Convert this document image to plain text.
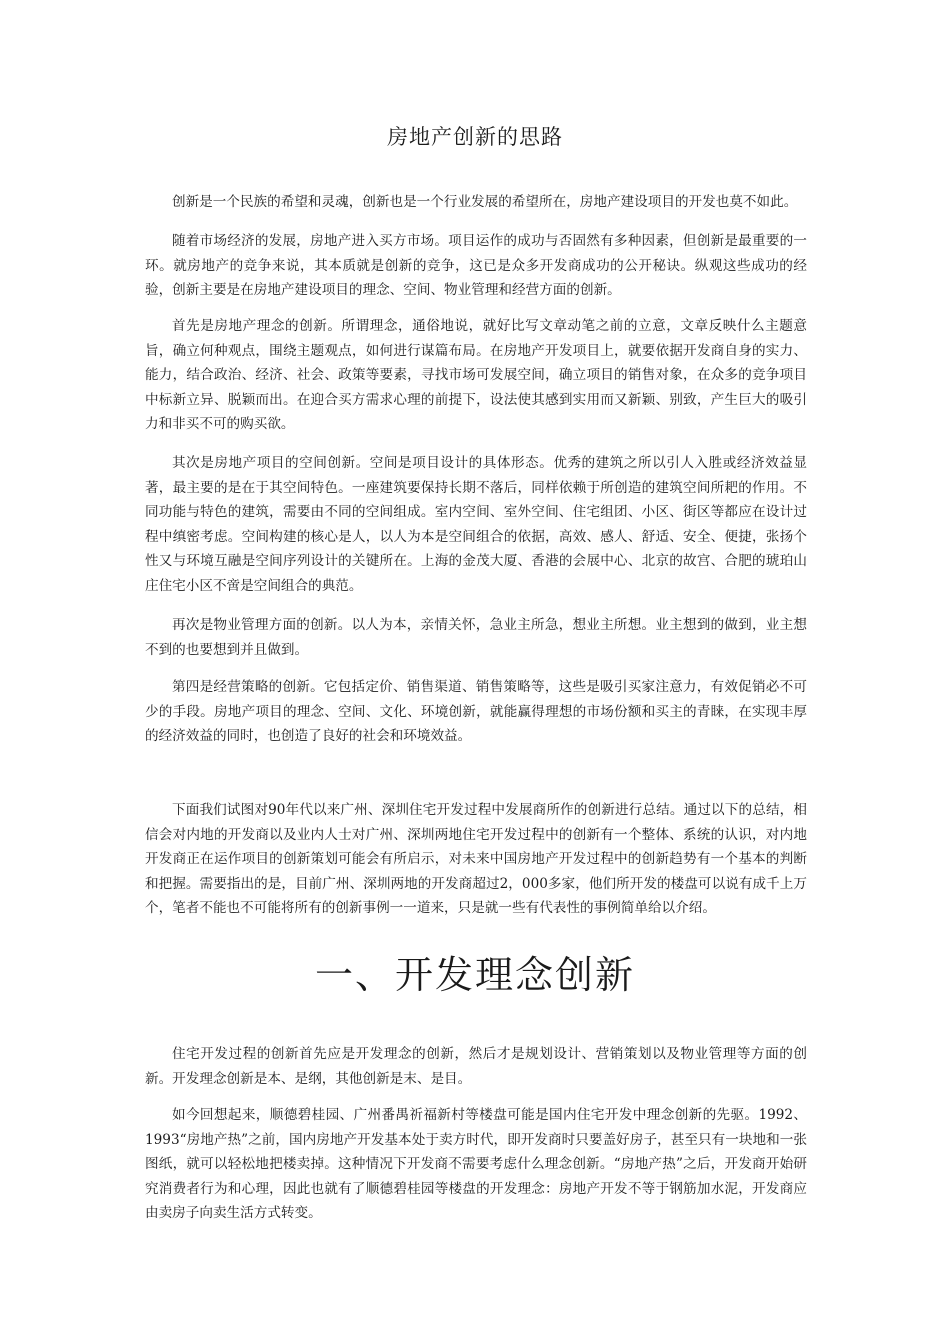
房地产创新的思路

创新是一个民族的希望和灵魂，创新也是一个行业发展的希望所在，房地产建设项目的开发也莫不如此。

随着市场经济的发展，房地产进入买方市场。项目运作的成功与否固然有多种因素，但创新是最重要的一环。就房地产的竞争来说，其本质就是创新的竞争，这已是众多开发商成功的公开秘诀。纵观这些成功的经验，创新主要是在房地产建设项目的理念、空间、物业管理和经营方面的创新。

首先是房地产理念的创新。所谓理念，通俗地说，就好比写文章动笔之前的立意，文章反映什么主题意旨，确立何种观点，围绕主题观点，如何进行谋篇布局。在房地产开发项目上，就要依据开发商自身的实力、能力，结合政治、经济、社会、政策等要素，寻找市场可发展空间，确立项目的销售对象，在众多的竞争项目中标新立异、脱颖而出。在迎合买方需求心理的前提下，设法使其感到实用而又新颖、别致，产生巨大的吸引力和非买不可的购买欲。

其次是房地产项目的空间创新。空间是项目设计的具体形态。优秀的建筑之所以引人入胜或经济效益显著，最主要的是在于其空间特色。一座建筑要保持长期不落后，同样依赖于所创造的建筑空间所耙的作用。不同功能与特色的建筑，需要由不同的空间组成。室内空间、室外空间、住宅组团、小区、街区等都应在设计过程中缜密考虑。空间构建的核心是人，以人为本是空间组合的依据，高效、感人、舒适、安全、便捷，张扬个性又与环境互融是空间序列设计的关键所在。上海的金茂大厦、香港的会展中心、北京的故宫、合肥的琥珀山庄住宅小区不啻是空间组合的典范。

再次是物业管理方面的创新。以人为本，亲情关怀，急业主所急，想业主所想。业主想到的做到，业主想不到的也要想到并且做到。

第四是经营策略的创新。它包括定价、销售渠道、销售策略等，这些是吸引买家注意力，有效促销必不可少的手段。房地产项目的理念、空间、文化、环境创新，就能赢得理想的市场份额和买主的青睐，在实现丰厚的经济效益的同时，也创造了良好的社会和环境效益。

下面我们试图对90年代以来广州、深圳住宅开发过程中发展商所作的创新进行总结。通过以下的总结，相信会对内地的开发商以及业内人士对广州、深圳两地住宅开发过程中的创新有一个整体、系统的认识，对内地开发商正在运作项目的创新策划可能会有所启示，对未来中国房地产开发过程中的创新趋势有一个基本的判断和把握。需要指出的是，目前广州、深圳两地的开发商超过2，000多家，他们所开发的楼盘可以说有成千上万个，笔者不能也不可能将所有的创新事例一一道来，只是就一些有代表性的事例简单给以介绍。

一、开发理念创新

住宅开发过程的创新首先应是开发理念的创新，然后才是规划设计、营销策划以及物业管理等方面的创新。开发理念创新是本、是纲，其他创新是末、是目。

如今回想起来，顺德碧桂园、广州番禺祈福新村等楼盘可能是国内住宅开发中理念创新的先驱。1992、1993“房地产热”之前，国内房地产开发基本处于卖方时代，即开发商时只要盖好房子，甚至只有一块地和一张图纸，就可以轻松地把楼卖掉。这种情况下开发商不需要考虑什么理念创新。“房地产热”之后，开发商开始研究消费者行为和心理，因此也就有了顺德碧桂园等楼盘的开发理念：房地产开发不等于钢筋加水泥，开发商应由卖房子向卖生活方式转变。
